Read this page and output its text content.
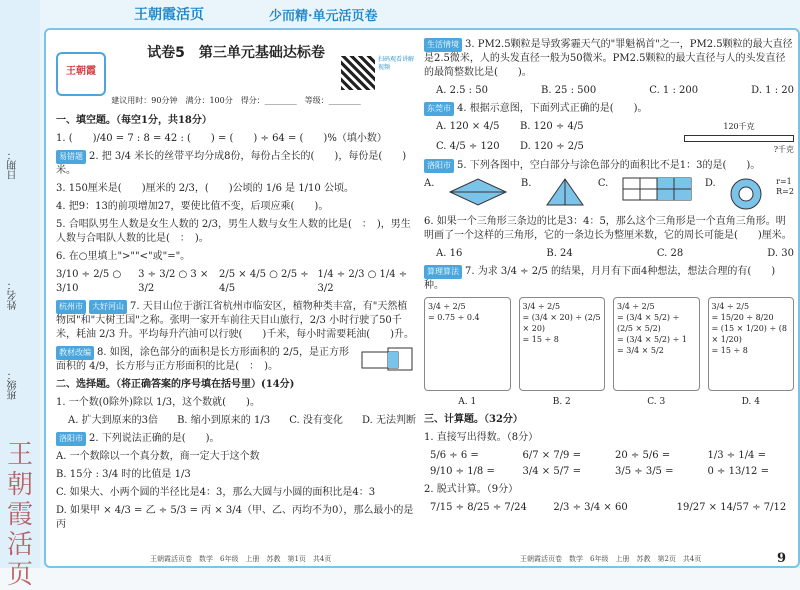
日期：
姓名：
班级：
王朝霞活页
王朝霞活页	少而精·单元活页卷
王朝霞
试卷5　第三单元基础达标卷	扫码观看讲解视频
建议用时：90分钟　满分：100分　得分：________　等级：________
一、填空题。（每空1分，共18分）
1. (　　)/40 = 7 : 8 = 42 : (　　) = (　　) ÷ 64 = (　　)%（填小数）
易错题 2. 把 3/4 米长的丝带平均分成8份，每份占全长的(　　)，每份是(　　)米。
3. 150厘米是(　　)厘米的 2/3，(　　)公顷的 1/6 是 1/10 公顷。
4. 把9：13的前项增加27，要使比值不变，后项应乘(　　)。
5. 合唱队男生人数是女生人数的 2/3，男生人数与女生人数的比是(　：　)，男生人数与合唱队人数的比是(　：　)。
6. 在○里填上">""<"或"="。
3/10 ÷ 2/5 ○ 3/10
3 ÷ 3/2 ○ 3 × 3/2
2/5 × 4/5 ○ 2/5 ÷ 4/5
1/4 ÷ 2/3 ○ 1/4 ÷ 3/2
杭州市 大好河山 7. 天目山位于浙江省杭州市临安区，植物种类丰富，有"天然植物园"和"大树王国"之称。张明一家开车前往天目山旅行，2/3 小时行驶了50千米，耗油 2/3 升。平均每升汽油可以行驶(　　)千米，每小时需要耗油(　　)升。
教材改编 8. 如图，涂色部分的面积是长方形面积的 2/5，是正方形面积的 4/9，长方形与正方形面积的比是(　：　)。
二、选择题。（将正确答案的序号填在括号里）(14分)
1. 一个数(0除外)除以 1/3，这个数就(　　)。
A. 扩大到原来的3倍 B. 缩小到原来的 1/3 C. 没有变化 D. 无法判断
洛阳市 2. 下列说法正确的是(　　)。
A. 一个数除以一个真分数，商一定大于这个数
B. 15分 : 3/4 时的比值是 1/3
C. 如果大、小两个圆的半径比是4：3，那么大圆与小圆的面积比是4：3
D. 如果甲 × 4/3 = 乙 ÷ 5/3 = 丙 × 3/4（甲、乙、丙均不为0），那么最小的是丙
生活情境 3. PM2.5颗粒是导致雾霾天气的"罪魁祸首"之一，PM2.5颗粒的最大直径是2.5微米，人的头发直径一般为50微米。PM2.5颗粒的最大直径与人的头发直径的最简整数比是(　　)。
A. 2.5 : 50	B. 25 : 500	C. 1 : 200	D. 1 : 20
东莞市 4. 根据示意图，下面列式正确的是(　　)。
A. 120 × 4/5 B. 120 ÷ 4/5
C. 4/5 ÷ 120 D. 120 ÷ 2/5
120千克
?千克
洛阳市 5. 下列各图中，空白部分与涂色部分的面积比不是1：3的是(　　)。
A.	B.	C.	D.	r=1
R=2
6. 如果一个三角形三条边的比是3：4：5，那么这个三角形是一个直角三角形。明明画了一个这样的三角形，它的一条边长为整厘米数，它的周长可能是(　　)厘米。
A. 16	B. 24	C. 28	D. 30
算理算法 7. 为求 3/4 ÷ 2/5 的结果，月月有下面4种想法，想法合理的有(　　)种。
3/4 ÷ 2/5
= 0.75 ÷ 0.4
3/4 ÷ 2/5
= (3/4 × 20) ÷ (2/5 × 20)
= 15 ÷ 8
3/4 ÷ 2/5
= (3/4 × 5/2) ÷ (2/5 × 5/2)
= (3/4 × 5/2) ÷ 1
= 3/4 × 5/2
3/4 ÷ 2/5
= 15/20 ÷ 8/20
= (15 × 1/20) ÷ (8 × 1/20)
= 15 ÷ 8
A. 1	B. 2	C. 3	D. 4
三、计算题。（32分）
1. 直接写出得数。（8分）
5/6 ÷ 6 =	6/7 × 7/9 =	20 ÷ 5/6 =	1/3 ÷ 1/4 =
9/10 ÷ 1/8 =	3/4 × 5/7 =	3/5 ÷ 3/5 =	0 ÷ 13/12 =
2. 脱式计算。（9分）
7/15 ÷ 8/25 ÷ 7/24	2/3 ÷ 3/4 × 60	19/27 × 14/57 ÷ 7/12
王朝霞活页卷　数学　6年级　上册　苏教　第1页　共4页	王朝霞活页卷　数学　6年级　上册　苏教　第2页　共4页	9
